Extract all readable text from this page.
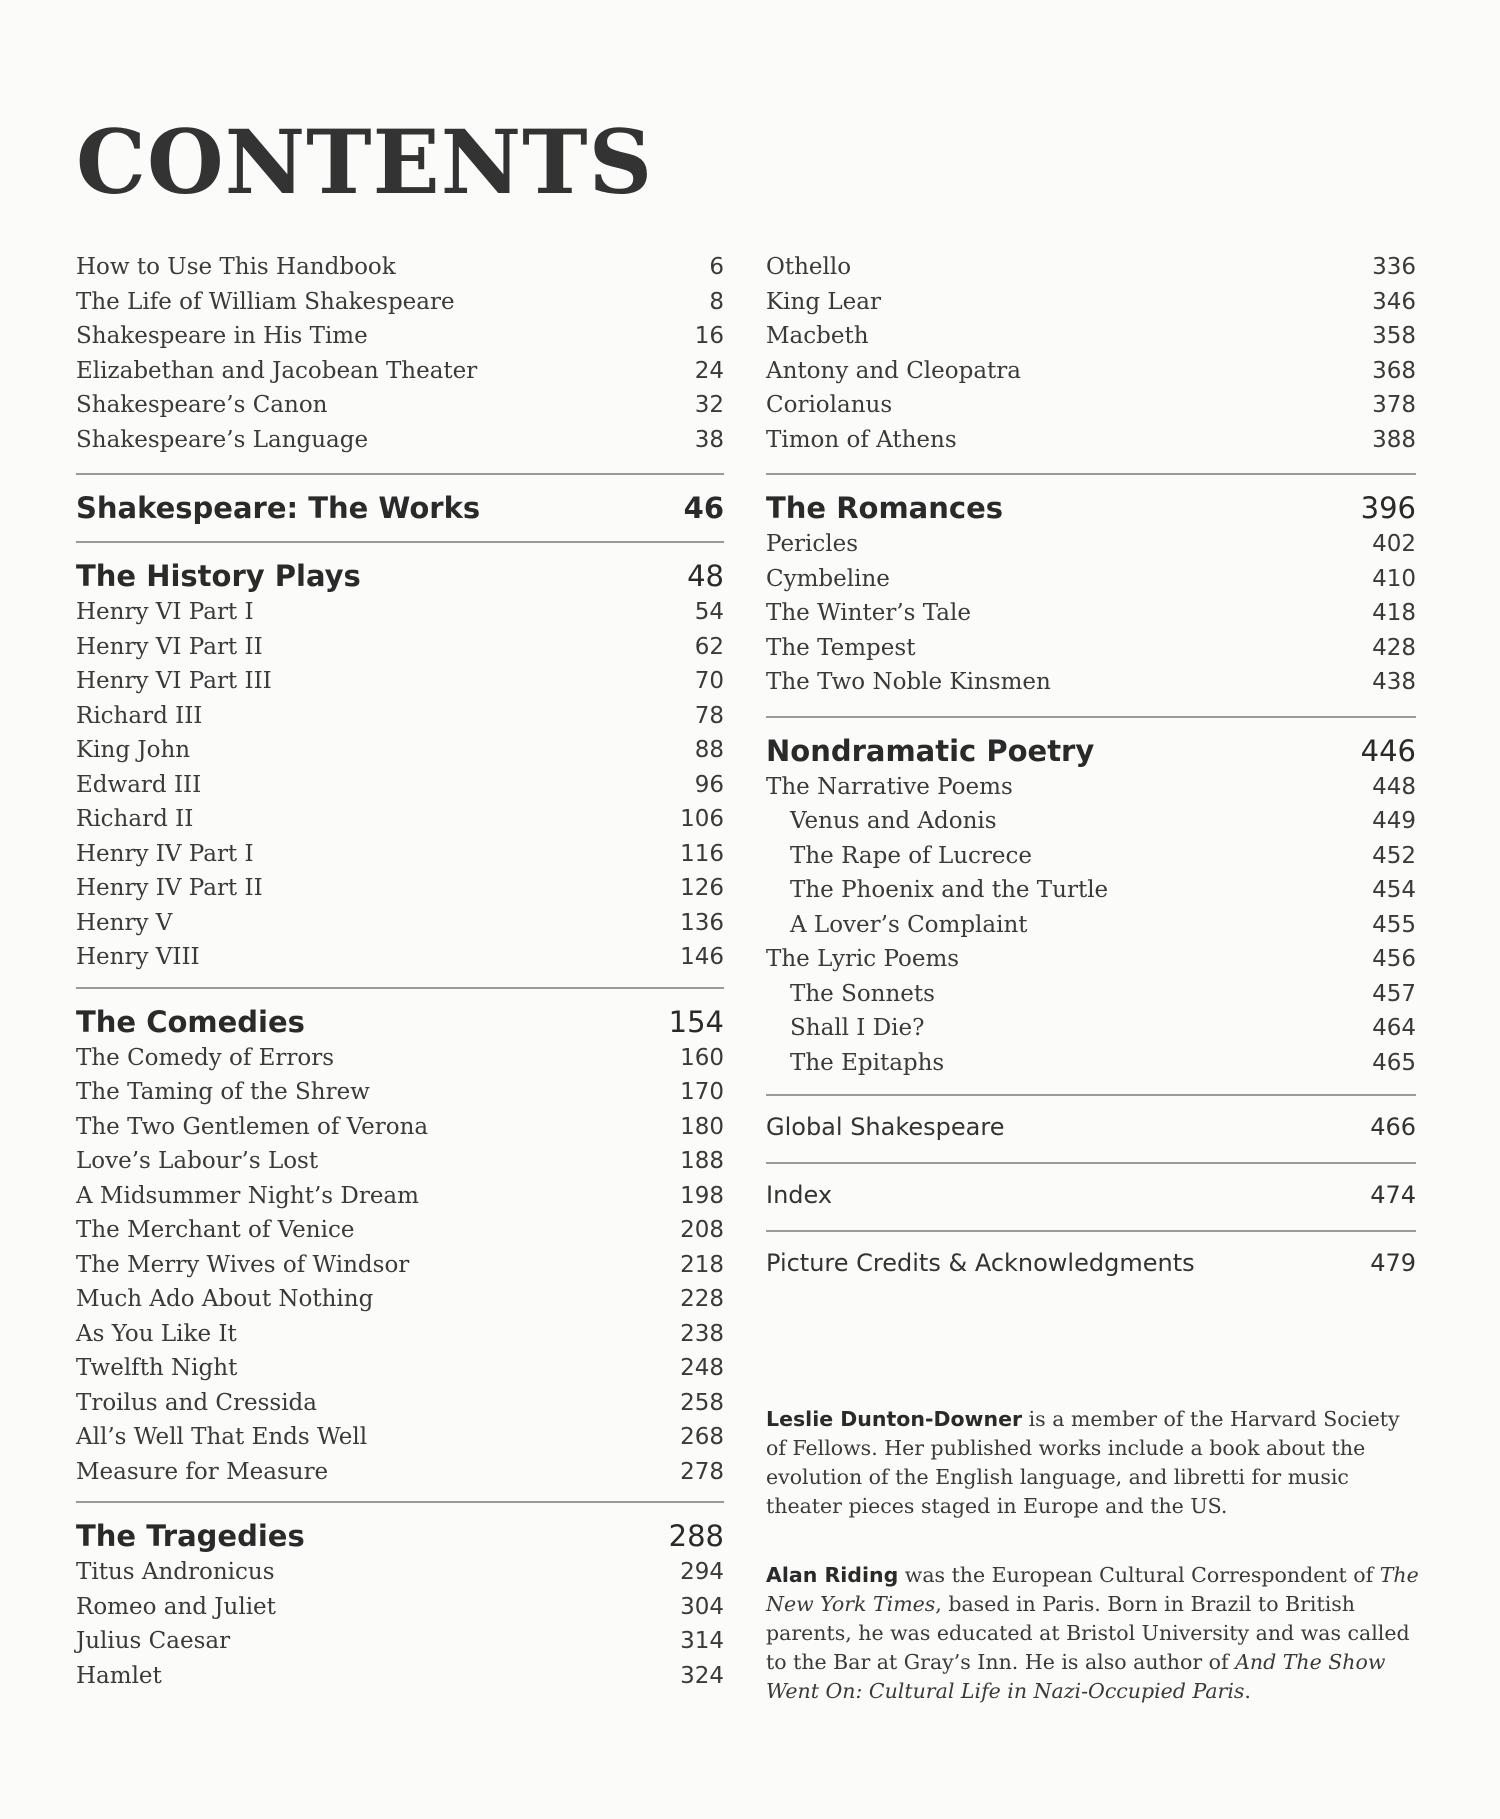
CONTENTS
How to Use This Handbook	6
The Life of William Shakespeare	8
Shakespeare in His Time	16
Elizabethan and Jacobean Theater	24
Shakespeare’s Canon	32
Shakespeare’s Language	38
Shakespeare: The Works	46
The History Plays	48
Henry VI Part I	54
Henry VI Part II	62
Henry VI Part III	70
Richard III	78
King John	88
Edward III	96
Richard II	106
Henry IV Part I	116
Henry IV Part II	126
Henry V	136
Henry VIII	146
The Comedies	154
The Comedy of Errors	160
The Taming of the Shrew	170
The Two Gentlemen of Verona	180
Love’s Labour’s Lost	188
A Midsummer Night’s Dream	198
The Merchant of Venice	208
The Merry Wives of Windsor	218
Much Ado About Nothing	228
As You Like It	238
Twelfth Night	248
Troilus and Cressida	258
All’s Well That Ends Well	268
Measure for Measure	278
The Tragedies	288
Titus Andronicus	294
Romeo and Juliet	304
Julius Caesar	314
Hamlet	324
Othello	336
King Lear	346
Macbeth	358
Antony and Cleopatra	368
Coriolanus	378
Timon of Athens	388
The Romances	396
Pericles	402
Cymbeline	410
The Winter’s Tale	418
The Tempest	428
The Two Noble Kinsmen	438
Nondramatic Poetry	446
The Narrative Poems	448
Venus and Adonis	449
The Rape of Lucrece	452
The Phoenix and the Turtle	454
A Lover’s Complaint	455
The Lyric Poems	456
The Sonnets	457
Shall I Die?	464
The Epitaphs	465
Global Shakespeare	466
Index	474
Picture Credits & Acknowledgments	479

Leslie Dunton-Downer is a member of the Harvard Society of Fellows. Her published works include a book about the evolution of the English language, and libretti for music theater pieces staged in Europe and the US.

Alan Riding was the European Cultural Correspondent of The New York Times, based in Paris. Born in Brazil to British parents, he was educated at Bristol University and was called to the Bar at Gray’s Inn. He is also author of And The Show Went On: Cultural Life in Nazi-Occupied Paris.
